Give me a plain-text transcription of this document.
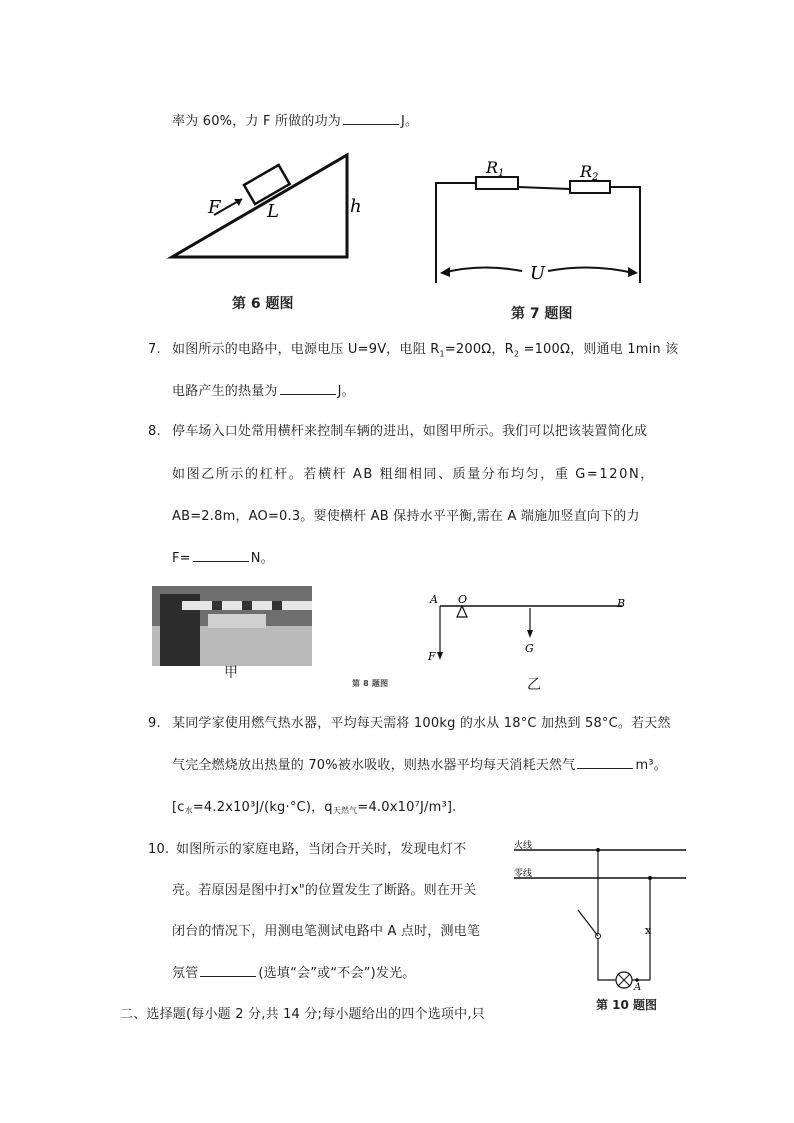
率为 60%，力 F 所做的功为	J。
F	L	h
第 6 题图
R1	R2
U
第 7 题图
7. 如图所示的电路中，电源电压 U=9V，电阻 $R_1=200\Omega$，$R_2 =100\Omega$，则通电 1min 该
电路产生的热量为	J。
8. 停车场入口处常用横杆来控制车辆的进出，如图甲所示。我们可以把该装置简化成
如图乙所示的杠杆。若横杆 AB 粗细相同、质量分布均匀，重 G=120N，
AB=2.8m，AO=0.3。要使横杆 AB 保持水平平衡,需在 A 端施加竖直向下的力
F=	N。
甲
A O	B
F
G
第 8 题图	乙
9. 某同学家使用燃气热水器，平均每天需将 100kg 的水从 18°C 加热到 58°C。若天然
气完全燃烧放出热量的 70%被水吸收，则热水器平均每天消耗天然气	m³。
[c水=4.2x10³J/(kg·°C)，q天然气=4.0x10⁷J/m³].
10. 如图所示的家庭电路，当闭合开关时，发现电灯不
亮。若原因是图中打x"的位置发生了断路。则在开关
闭台的情况下，用测电笔测试电路中 A 点时，测电笔
氖管	(选填“会”或“不会”)发光。
火线
零线
x
A
第 10 题图
二、选择题(每小题 2 分,共 14 分;每小题给出的四个选项中,只
